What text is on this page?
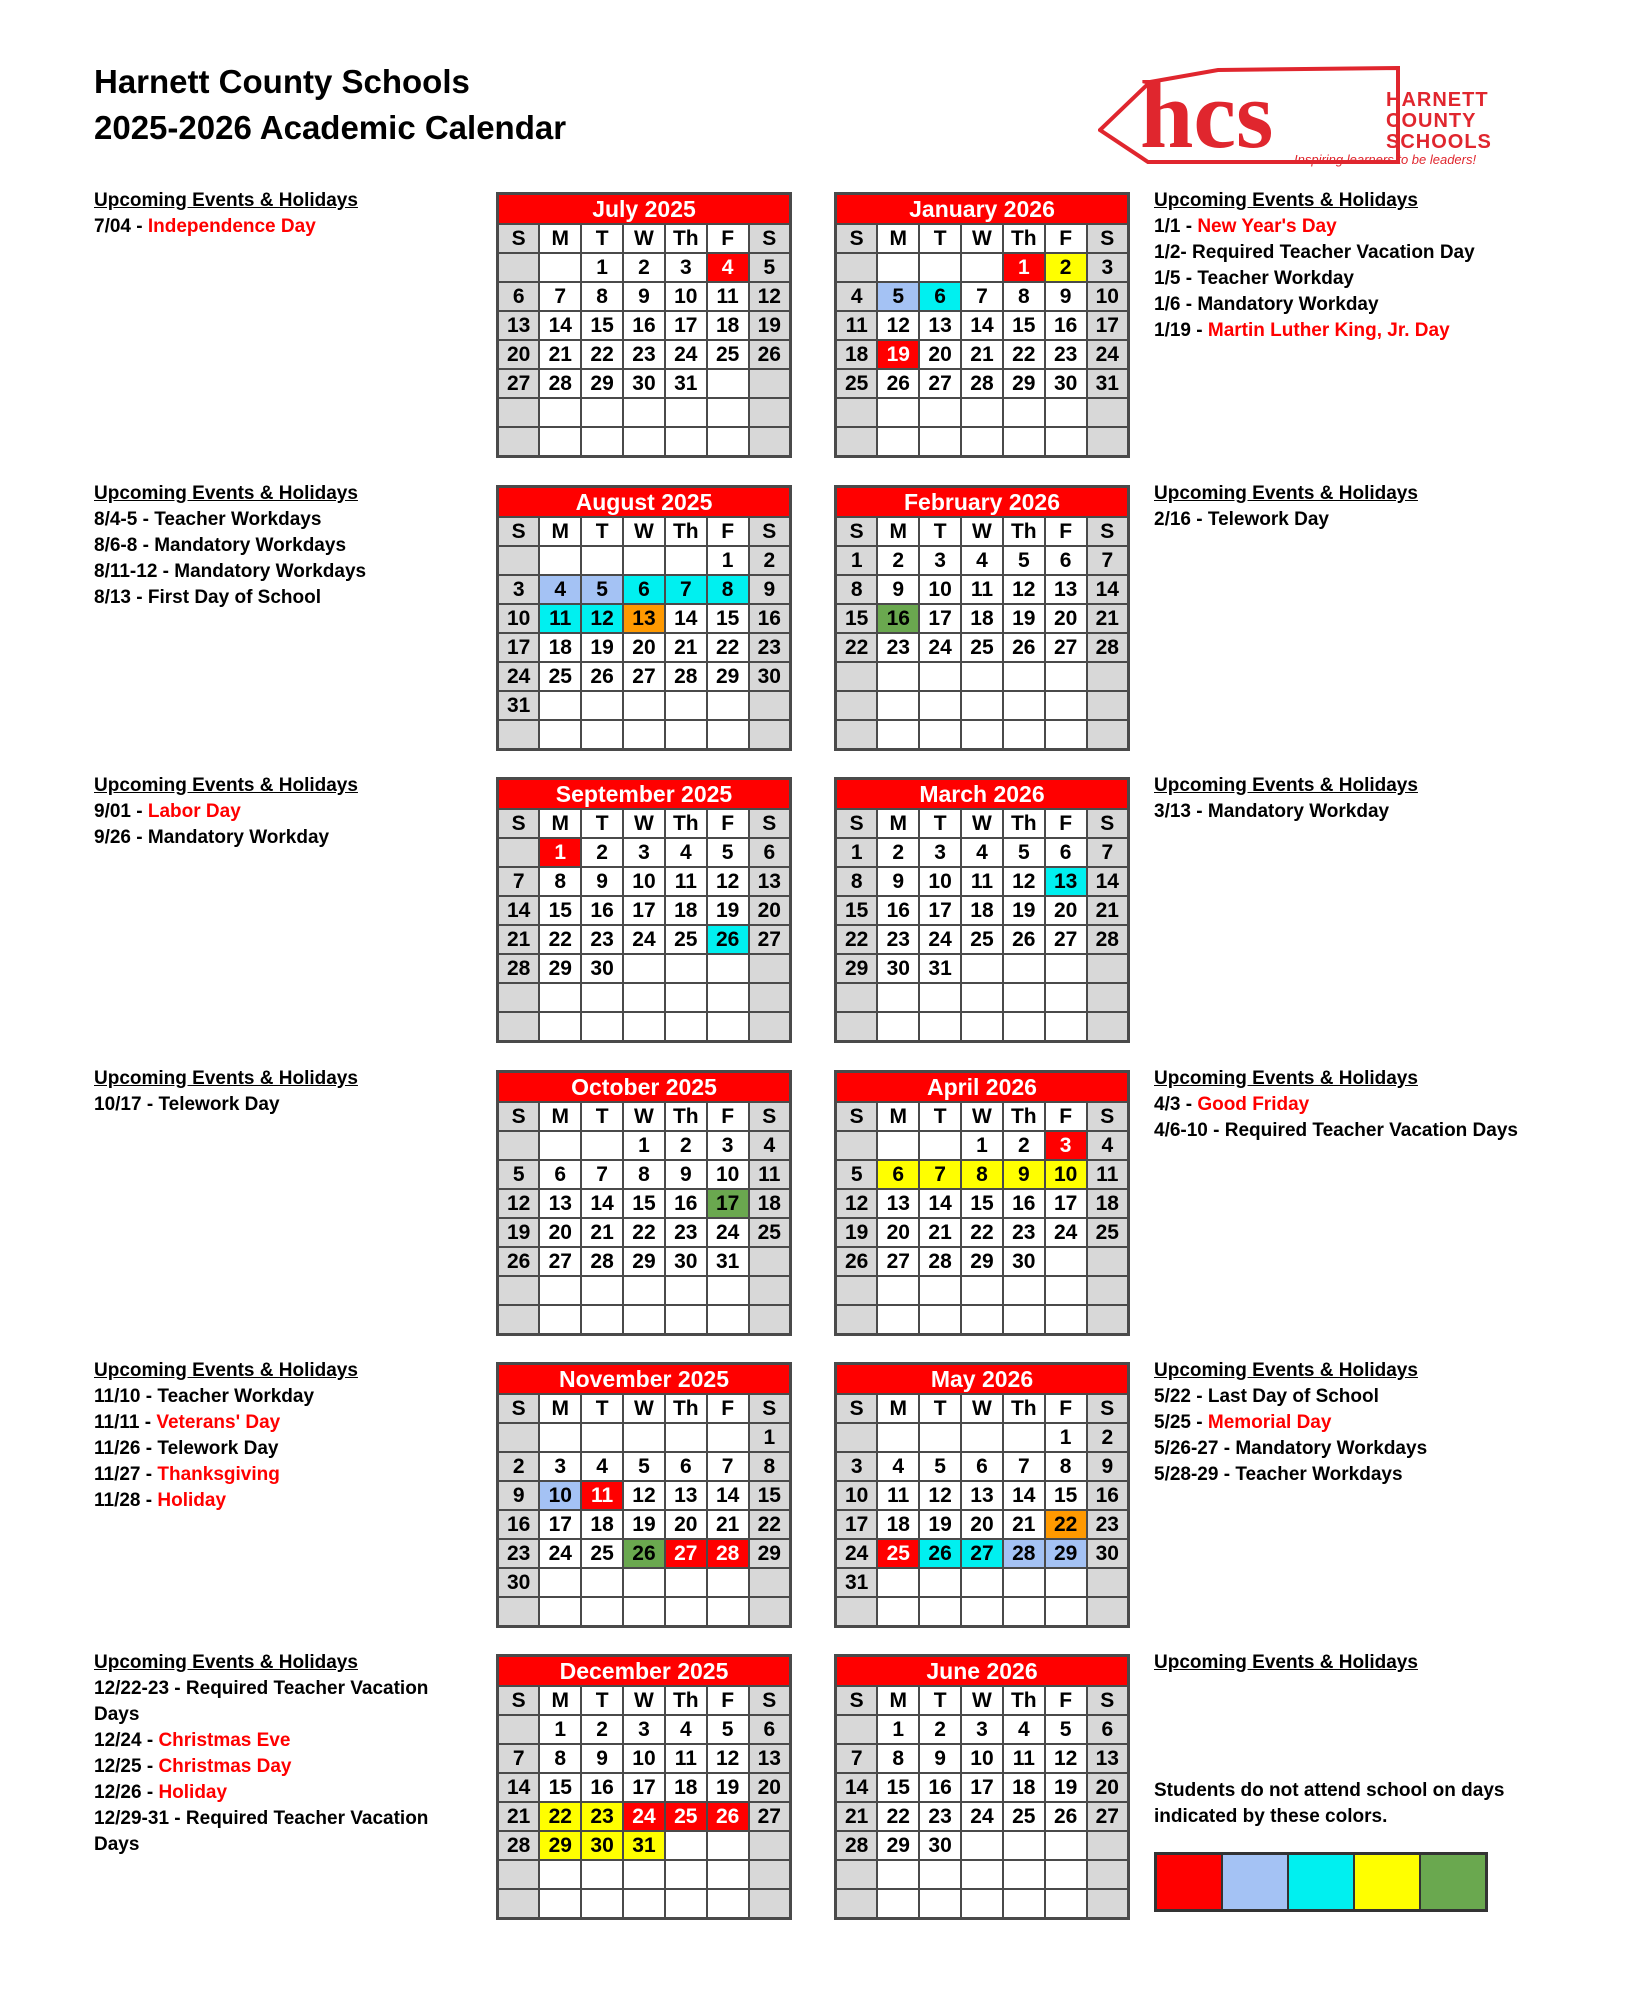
Harnett County Schools
2025-2026 Academic Calendar	hcs	HARNETT
COUNTY
SCHOOLS
Inspiring learners to be leaders!
July 2025						
S	M	T	W	Th	F	S
		1	2	3	4	5
6	7	8	9	10	11	12
13	14	15	16	17	18	19
20	21	22	23	24	25	26
27	28	29	30	31		

January 2026						
S	M	T	W	Th	F	S
				1	2	3
4	5	6	7	8	9	10
11	12	13	14	15	16	17
18	19	20	21	22	23	24
25	26	27	28	29	30	31

August 2025						
S	M	T	W	Th	F	S
					1	2
3	4	5	6	7	8	9
10	11	12	13	14	15	16
17	18	19	20	21	22	23
24	25	26	27	28	29	30
31						

February 2026						
S	M	T	W	Th	F	S
1	2	3	4	5	6	7
8	9	10	11	12	13	14
15	16	17	18	19	20	21
22	23	24	25	26	27	28

September 2025						
S	M	T	W	Th	F	S
	1	2	3	4	5	6
7	8	9	10	11	12	13
14	15	16	17	18	19	20
21	22	23	24	25	26	27
28	29	30				

March 2026						
S	M	T	W	Th	F	S
1	2	3	4	5	6	7
8	9	10	11	12	13	14
15	16	17	18	19	20	21
22	23	24	25	26	27	28
29	30	31				

October 2025						
S	M	T	W	Th	F	S
			1	2	3	4
5	6	7	8	9	10	11
12	13	14	15	16	17	18
19	20	21	22	23	24	25
26	27	28	29	30	31	

April 2026						
S	M	T	W	Th	F	S
			1	2	3	4
5	6	7	8	9	10	11
12	13	14	15	16	17	18
19	20	21	22	23	24	25
26	27	28	29	30		

November 2025						
S	M	T	W	Th	F	S
						1
2	3	4	5	6	7	8
9	10	11	12	13	14	15
16	17	18	19	20	21	22
23	24	25	26	27	28	29
30						

May 2026						
S	M	T	W	Th	F	S
					1	2
3	4	5	6	7	8	9
10	11	12	13	14	15	16
17	18	19	20	21	22	23
24	25	26	27	28	29	30
31						

December 2025						
S	M	T	W	Th	F	S
	1	2	3	4	5	6
7	8	9	10	11	12	13
14	15	16	17	18	19	20
21	22	23	24	25	26	27
28	29	30	31			

June 2026						
S	M	T	W	Th	F	S
	1	2	3	4	5	6
7	8	9	10	11	12	13
14	15	16	17	18	19	20
21	22	23	24	25	26	27
28	29	30				

Upcoming Events & Holidays
7/04 - Independence Day
Upcoming Events & Holidays
1/1 - New Year's Day
1/2- Required Teacher Vacation Day
1/5 - Teacher Workday
1/6 - Mandatory Workday
1/19 - Martin Luther King, Jr. Day
Upcoming Events & Holidays
8/4-5 - Teacher Workdays
8/6-8 - Mandatory Workdays
8/11-12 - Mandatory Workdays
8/13 - First Day of School
Upcoming Events & Holidays
2/16 - Telework Day
Upcoming Events & Holidays
9/01 - Labor Day
9/26 - Mandatory Workday
Upcoming Events & Holidays
3/13 - Mandatory Workday
Upcoming Events & Holidays
10/17 - Telework Day
Upcoming Events & Holidays
4/3 - Good Friday
4/6-10 - Required Teacher Vacation Days
Upcoming Events & Holidays
11/10 - Teacher Workday
11/11 - Veterans' Day
11/26 - Telework Day
11/27 - Thanksgiving
11/28 - Holiday
Upcoming Events & Holidays
5/22 - Last Day of School
5/25 - Memorial Day
5/26-27 - Mandatory Workdays
5/28-29 - Teacher Workdays
Upcoming Events & Holidays
12/22-23 - Required Teacher Vacation Days
12/24 - Christmas Eve
12/25 - Christmas Day
12/26 - Holiday
12/29-31 - Required Teacher Vacation Days
Upcoming Events & Holidays
Students do not attend school on days indicated by these colors.
